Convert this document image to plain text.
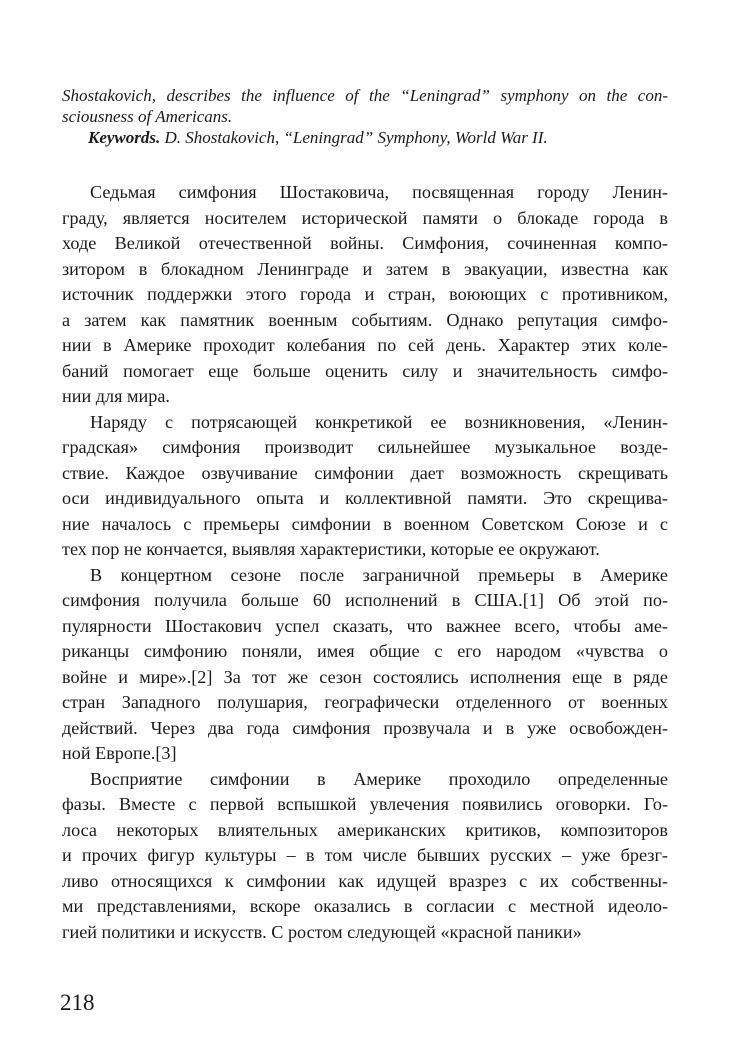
Shostakovich, describes the influence of the “Leningrad” symphony on the con-
sciousness of Americans.
Keywords. D. Shostakovich, “Leningrad” Symphony, World War II.
Седьмая симфония Шостаковича, посвященная городу Ленин-
граду, является носителем исторической памяти о блокаде города в
ходе Великой отечественной войны. Симфония, сочиненная компо-
зитором в блокадном Ленинграде и затем в эвакуации, известна как
источник поддержки этого города и стран, воюющих с противником,
а затем как памятник военным событиям. Однако репутация симфо-
нии в Америке проходит колебания по сей день. Характер этих коле-
баний помогает еще больше оценить силу и значительность симфо-
нии для мира.
Наряду с потрясающей конкретикой ее возникновения, «Ленин-
градская» симфония производит сильнейшее музыкальное возде-
ствие. Каждое озвучивание симфонии дает возможность скрещивать
оси индивидуального опыта и коллективной памяти. Это скрещива-
ние началось с премьеры симфонии в военном Советском Союзе и с
тех пор не кончается, выявляя характеристики, которые ее окружают.
В концертном сезоне после заграничной премьеры в Америке
симфония получила больше 60 исполнений в США.[1] Об этой по-
пулярности Шостакович успел сказать, что важнее всего, чтобы аме-
риканцы симфонию поняли, имея общие с его народом «чувства о
войне и мире».[2] За тот же сезон состоялись исполнения еще в ряде
стран Западного полушария, географически отделенного от военных
действий. Через два года симфония прозвучала и в уже освобожден-
ной Европе.[3]
Восприятие симфонии в Америке проходило определенные
фазы. Вместе с первой вспышкой увлечения появились оговорки. Го-
лоса некоторых влиятельных американских критиков, композиторов
и прочих фигур культуры – в том числе бывших русских – уже брезг-
ливо относящихся к симфонии как идущей вразрез с их собственны-
ми представлениями, вскоре оказались в согласии с местной идеоло-
гией политики и искусств. С ростом следующей «красной паники»
218
